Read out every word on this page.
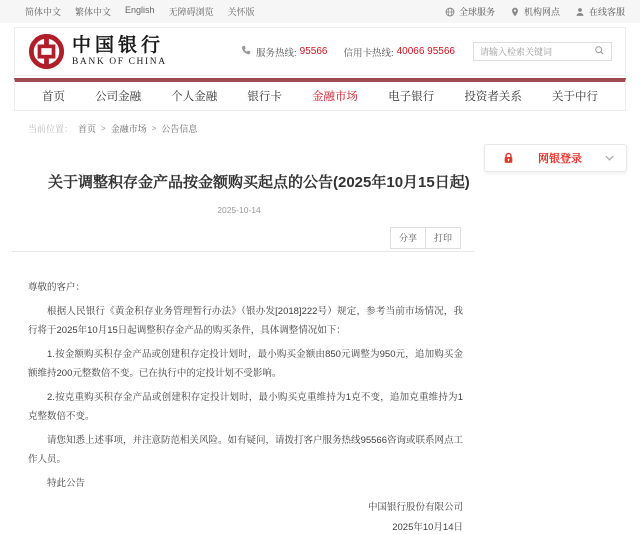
简体中文 繁体中文 English 无障碍浏览 关怀版	全球服务	机构网点	在线客服
中国银行
BANK OF CHINA
服务热线: 95566 信用卡热线: 40066 95566
请输入检索关键词
首页	公司金融	个人金融	银行卡	金融市场	电子银行	投资者关系	关于中行
当前位置： 首页 > 金融市场 > 公告信息
网银登录
关于调整积存金产品按金额购买起点的公告(2025年10月15日起)
2025-10-14
分享	打印

尊敬的客户：

根据人民银行《黄金积存业务管理暂行办法》（银办发[2018]222号）规定，参考当前市场情况，我行将于2025年10月15日起调整积存金产品的购买条件，具体调整情况如下：

1.按金额购买积存金产品或创建积存定投计划时，最小购买金额由850元调整为950元，追加购买金额维持200元整数倍不变。已在执行中的定投计划不受影响。

2.按克重购买积存金产品或创建积存定投计划时，最小购买克重维持为1克不变，追加克重维持为1克整数倍不变。

请您知悉上述事项，并注意防范相关风险。如有疑问，请拨打客户服务热线95566咨询或联系网点工作人员。

特此公告

中国银行股份有限公司
2025年10月14日
